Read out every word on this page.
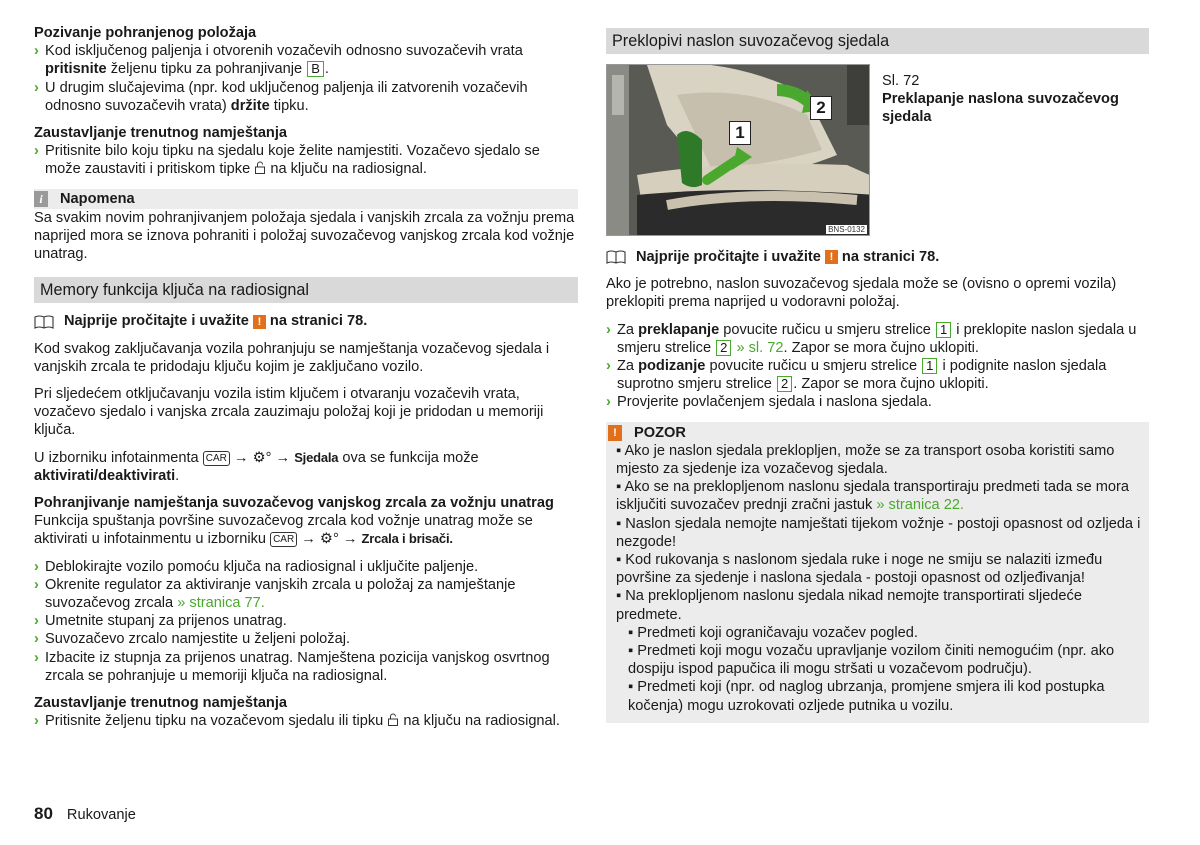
Pozivanje pohranjenog položaja
› Kod isključenog paljenja i otvorenih vozačevih odnosno suvozačevih vrata pritisnite željenu tipku za pohranjivanje B .
› U drugim slučajevima (npr. kod uključenog paljenja ili zatvorenih vozačevih odnosno suvozačevih vrata) držite tipku.
Zaustavljanje trenutnog namještanja
› Pritisnite bilo koju tipku na sjedalu koje želite namjestiti. Vozačevo sjedalo se može zaustaviti i pritiskom tipke na ključu na radiosignal.
i	Napomena

Sa svakim novim pohranjivanjem položaja sjedala i vanjskih zrcala za vožnju prema naprijed mora se iznova pohraniti i položaj suvozačevog vanjskog zrcala kod vožnje unatrag.

Memory funkcija ključa na radiosignal
Najprije pročitajte i uvažite ! na stranici 78.

Kod svakog zaključavanja vozila pohranjuju se namještanja vozačevog sjedala i vanjskih zrcala te pridodaju ključu kojim je zaključano vozilo.

Pri sljedećem otključavanju vozila istim ključem i otvaranju vozačevih vrata, vozačevo sjedalo i vanjska zrcala zauzimaju položaj koji je pridodan u memoriji ključa.

U izborniku infotainmenta CAR → ⚙° → Sjedala ova se funkcija može aktivirati/deaktivirati.

Pohranjivanje namještanja suvozačevog vanjskog zrcala za vožnju unatrag

Funkcija spuštanja površine suvozačevog zrcala kod vožnje unatrag može se aktivirati u infotainmentu u izborniku CAR → ⚙° → Zrcala i brisači.

› Deblokirajte vozilo pomoću ključa na radiosignal i uključite paljenje.
› Okrenite regulator za aktiviranje vanjskih zrcala u položaj za namještanje suvozačevog zrcala » stranica 77.
› Umetnite stupanj za prijenos unatrag.
› Suvozačevo zrcalo namjestite u željeni položaj.
› Izbacite iz stupnja za prijenos unatrag. Namještena pozicija vanjskog osvrtnog zrcala se pohranjuje u memoriji ključa na radiosignal.
Zaustavljanje trenutnog namještanja
› Pritisnite željenu tipku na vozačevom sjedalu ili tipku na ključu na radiosignal.
Preklopivi naslon suvozačevog sjedala
1
2
BNS-0132
Sl. 72
Preklapanje naslona suvozačevog sjedala
Najprije pročitajte i uvažite ! na stranici 78.

Ako je potrebno, naslon suvozačevog sjedala može se (ovisno o opremi vozila) preklopiti prema naprijed u vodoravni položaj.

› Za preklapanje povucite ručicu u smjeru strelice 1 i preklopite naslon sjedala u smjeru strelice 2 » sl. 72. Zapor se mora čujno uklopiti.
› Za podizanje povucite ručicu u smjeru strelice 1 i podignite naslon sjedala suprotno smjeru strelice 2 . Zapor se mora čujno uklopiti.
› Provjerite povlačenjem sjedala i naslona sjedala.
!	POZOR
▪ Ako je naslon sjedala preklopljen, može se za transport osoba koristiti samo mjesto za sjedenje iza vozačevog sjedala.
▪ Ako se na preklopljenom naslonu sjedala transportiraju predmeti tada se mora isključiti suvozačev prednji zračni jastuk » stranica 22.
▪ Naslon sjedala nemojte namještati tijekom vožnje - postoji opasnost od ozljeda i nezgode!
▪ Kod rukovanja s naslonom sjedala ruke i noge ne smiju se nalaziti između površine za sjedenje i naslona sjedala - postoji opasnost od ozljeđivanja!
▪ Na preklopljenom naslonu sjedala nikad nemojte transportirati sljedeće predmete.
▪ Predmeti koji ograničavaju vozačev pogled.
▪ Predmeti koji mogu vozaču upravljanje vozilom činiti nemogućim (npr. ako dospiju ispod papučica ili mogu stršati u vozačevom području).
▪ Predmeti koji (npr. od naglog ubrzanja, promjene smjera ili kod postupka kočenja) mogu uzrokovati ozljede putnika u vozilu.
80 Rukovanje
